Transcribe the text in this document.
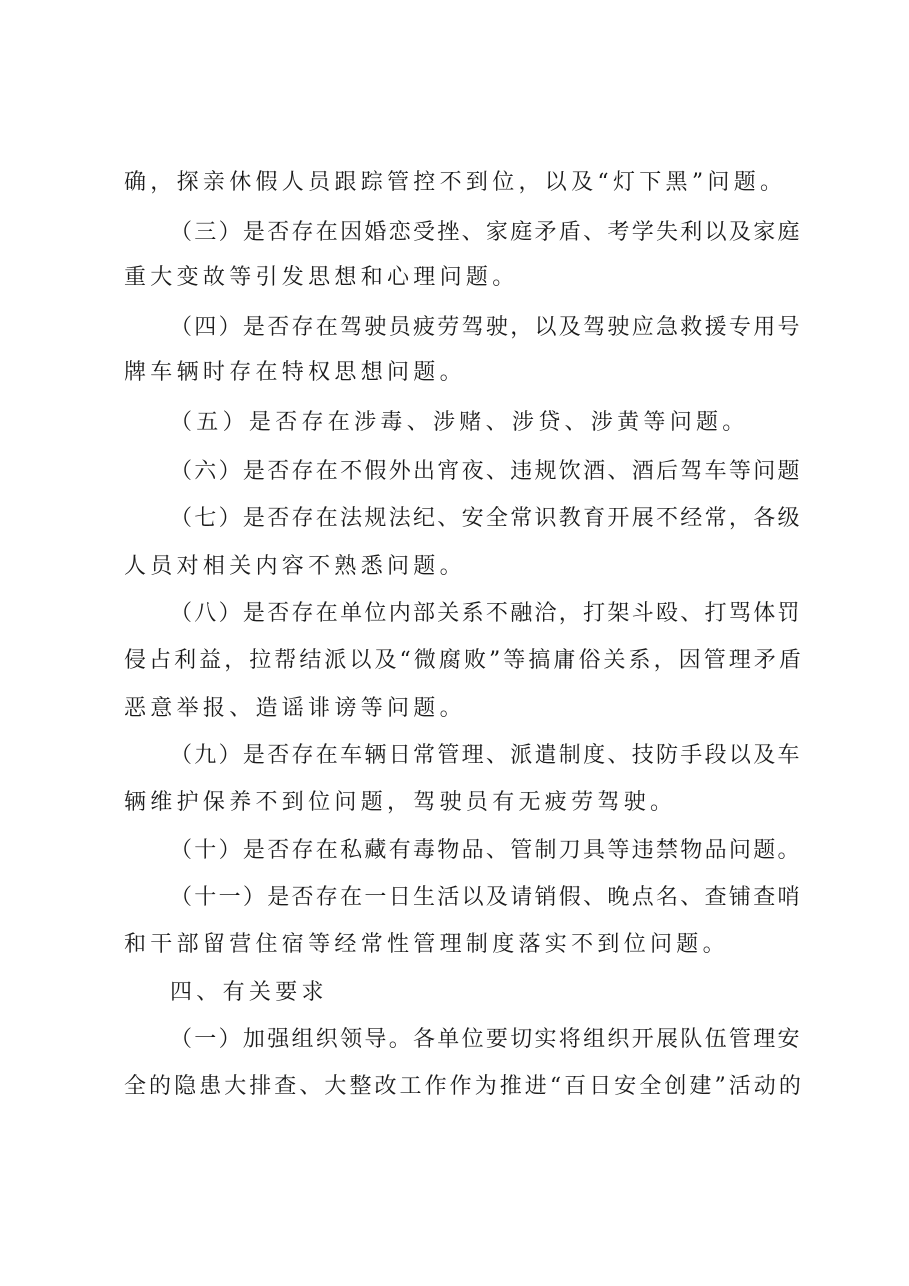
确，探亲休假人员跟踪管控不到位，以及“灯下黑”问题。
（三）是否存在因婚恋受挫、家庭矛盾、考学失利以及家庭
重大变故等引发思想和心理问题。
（四）是否存在驾驶员疲劳驾驶，以及驾驶应急救援专用号
牌车辆时存在特权思想问题。
（五）是否存在涉毒、涉赌、涉贷、涉黄等问题。
（六）是否存在不假外出宵夜、违规饮酒、酒后驾车等问题
（七）是否存在法规法纪、安全常识教育开展不经常，各级
人员对相关内容不熟悉问题。
（八）是否存在单位内部关系不融洽，打架斗殴、打骂体罚
侵占利益，拉帮结派以及“微腐败”等搞庸俗关系，因管理矛盾
恶意举报、造谣诽谤等问题。
（九）是否存在车辆日常管理、派遣制度、技防手段以及车
辆维护保养不到位问题，驾驶员有无疲劳驾驶。
（十）是否存在私藏有毒物品、管制刀具等违禁物品问题。
（十一）是否存在一日生活以及请销假、晚点名、查铺查哨
和干部留营住宿等经常性管理制度落实不到位问题。
四、有关要求
（一）加强组织领导。各单位要切实将组织开展队伍管理安
全的隐患大排查、大整改工作作为推进“百日安全创建”活动的
